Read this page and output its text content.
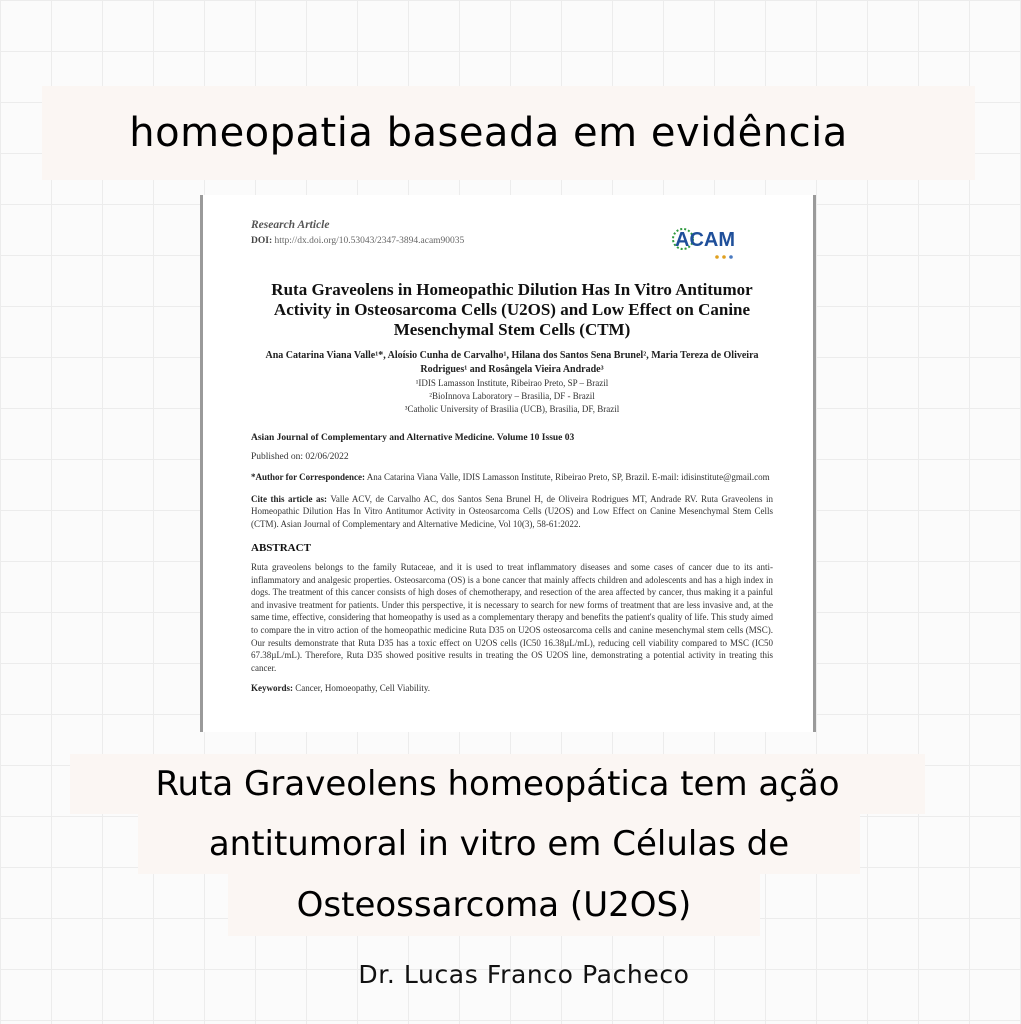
homeopatia baseada em evidência
Research Article
DOI: http://dx.doi.org/10.53043/2347-3894.acam90035	ACAM
Ruta Graveolens in Homeopathic Dilution Has In Vitro Antitumor Activity in Osteosarcoma Cells (U2OS) and Low Effect on Canine Mesenchymal Stem Cells (CTM)
Ana Catarina Viana Valle¹*, Aloísio Cunha de Carvalho¹, Hilana dos Santos Sena Brunel², Maria Tereza de Oliveira Rodrigues¹ and Rosângela Vieira Andrade³
¹IDIS Lamasson Institute, Ribeirao Preto, SP – Brazil
²BioInnova Laboratory – Brasilia, DF - Brazil
³Catholic University of Brasilia (UCB), Brasilia, DF, Brazil
Asian Journal of Complementary and Alternative Medicine. Volume 10 Issue 03
Published on: 02/06/2022
*Author for Correspondence: Ana Catarina Viana Valle, IDIS Lamasson Institute, Ribeirao Preto, SP, Brazil. E-mail: idisinstitute@gmail.com
Cite this article as: Valle ACV, de Carvalho AC, dos Santos Sena Brunel H, de Oliveira Rodrigues MT, Andrade RV. Ruta Graveolens in Homeopathic Dilution Has In Vitro Antitumor Activity in Osteosarcoma Cells (U2OS) and Low Effect on Canine Mesenchymal Stem Cells (CTM). Asian Journal of Complementary and Alternative Medicine, Vol 10(3), 58-61:2022.
ABSTRACT
Ruta graveolens belongs to the family Rutaceae, and it is used to treat inflammatory diseases and some cases of cancer due to its anti-inflammatory and analgesic properties. Osteosarcoma (OS) is a bone cancer that mainly affects children and adolescents and has a high index in dogs. The treatment of this cancer consists of high doses of chemotherapy, and resection of the area affected by cancer, thus making it a painful and invasive treatment for patients. Under this perspective, it is necessary to search for new forms of treatment that are less invasive and, at the same time, effective, considering that homeopathy is used as a complementary therapy and benefits the patient's quality of life. This study aimed to compare the in vitro action of the homeopathic medicine Ruta D35 on U2OS osteosarcoma cells and canine mesenchymal stem cells (MSC). Our results demonstrate that Ruta D35 has a toxic effect on U2OS cells (IC50 16.38µL/mL), reducing cell viability compared to MSC (IC50 67.38µL/mL). Therefore, Ruta D35 showed positive results in treating the OS U2OS line, demonstrating a potential activity in treating this cancer.
Keywords: Cancer, Homoeopathy, Cell Viability.
Ruta Graveolens homeopática tem ação
antitumoral in vitro em Células de
Osteossarcoma (U2OS)
Dr. Lucas Franco Pacheco
